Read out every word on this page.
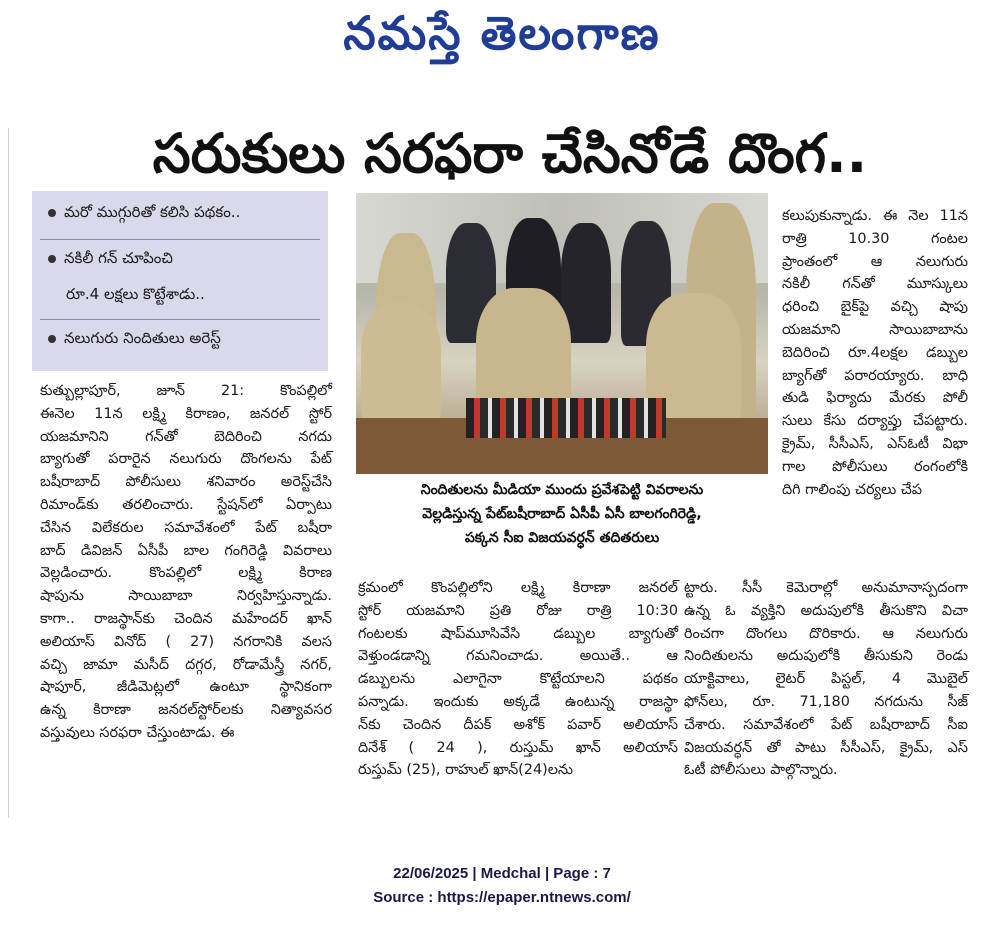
నమస్తే తెలంగాణ
సరుకులు సరఫరా చేసినోడే దొంగ..
మరో ముగ్గురితో కలిసి పథకం..
నకిలీ గన్ చూపించి
రూ.4 లక్షలు కొట్టేశాడు..
నలుగురు నిందితులు అరెస్ట్
నిందితులను మీడియా ముందు ప్రవేశపెట్టి వివరాలను
వెల్లడిస్తున్న పేట్‌బషీరాబాద్ ఏసీపీ ఏసీ బాలగంగిరెడ్డి,
పక్కన సీఐ విజయవర్ధన్ తదితరులు
కుత్బుల్లాపూర్, జూన్ 21: కొంపల్లిలో
ఈనెల 11న లక్ష్మి కిరాణం, జనరల్ స్టోర్
యజమానిని గన్‌తో బెదిరించి నగదు
బ్యాగుతో పరారైన నలుగురు దొంగలను పేట్
బషీరాబాద్ పోలీసులు శనివారం అరెస్ట్‌చేసి
రిమాండ్‌కు తరలించారు. స్టేషన్‌లో ఏర్పాటు
చేసిన విలేకరుల సమావేశంలో పేట్ బషీరా
బాద్ డివిజన్ ఏసీపీ బాల గంగిరెడ్డి వివరాలు
వెల్లడించారు. కొంపల్లిలో లక్ష్మి కిరాణ
షాపును సాయిబాబా నిర్వహిస్తున్నాడు.
కాగా.. రాజస్థాన్‌కు చెందిన మహేందర్ ఖాన్
అలియాస్ వినోద్ ( 27) నగరానికి వలస
వచ్చి జామా మసీద్ దగ్గర, రోడామేస్త్రీ నగర్,
షాపూర్, జీడిమెట్లలో ఉంటూ స్థానికంగా
ఉన్న కిరాణా జనరల్‌స్టోర్‌లకు నిత్యావసర
వస్తువులు సరఫరా చేస్తుంటాడు. ఈ
క్రమంలో కొంపల్లిలోని లక్ష్మి కిరాణా జనరల్
స్టోర్ యజమాని ప్రతి రోజు రాత్రి 10:30
గంటలకు షాప్‌మూసివేసి డబ్బుల బ్యాగుతో
వెళ్తుండడాన్ని గమనించాడు. అయితే.. ఆ
డబ్బులను ఎలాగైనా కొట్టేయాలని పథకం
పన్నాడు. ఇందుకు అక్కడే ఉంటున్న రాజస్థా
న్‌కు చెందిన దీపక్ అశోక్ పవార్ అలియాస్
దినేశ్ ( 24 ), రుస్తుమ్ ఖాన్ అలియాస్
రుస్తుమ్ (25), రాహుల్ ఖాన్(24)లను
కలుపుకున్నాడు. ఈ నెల 11న
రాత్రి 10.30 గంటల
ప్రాంతంలో ఆ నలుగురు
నకిలీ గన్‌తో మూస్కులు
ధరించి బైక్‌పై వచ్చి షాపు
యజమాని సాయిబాబాను
బెదిరించి రూ.4లక్షల డబ్బుల
బ్యాగ్‌తో పరారయ్యారు. బాధి
తుడి ఫిర్యాదు మేరకు పోలీ
సులు కేసు దర్యాప్తు చేపట్టారు.
క్రైమ్, సీసీఎస్, ఎస్ఓటీ విభా
గాల పోలీసులు రంగంలోకి
దిగి గాలింపు చర్యలు చేప
ట్టారు. సీసీ కెమెరాల్లో అనుమానాస్పదంగా
ఉన్న ఓ వ్యక్తిని అదుపులోకి తీసుకొని విచా
రించగా దొంగలు దొరికారు. ఆ నలుగురు
నిందితులను అదుపులోకి తీసుకుని రెండు
యాక్టివాలు, లైటర్ పిస్టల్, 4 మొబైల్
ఫోన్‌లు, రూ. 71,180 నగదును సీజ్
చేశారు. సమావేశంలో పేట్ బషీరాబాద్ సీఐ
విజయవర్ధన్ తో పాటు సీసీఎస్, క్రైమ్, ఎస్
ఓటీ పోలీసులు పాల్గొన్నారు.
22/06/2025 | Medchal | Page : 7
Source : https://epaper.ntnews.com/
